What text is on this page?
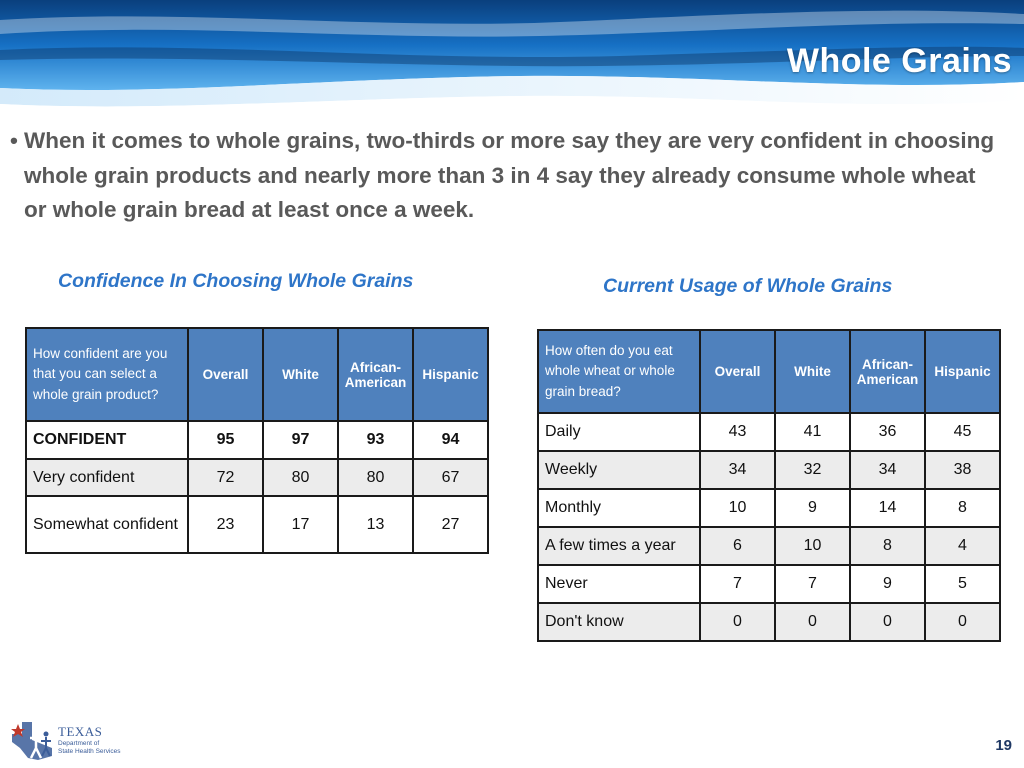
Whole Grains
• When it comes to whole grains, two-thirds or more say they are very confident in choosing whole grain products and nearly more than 3 in 4 say they already consume whole wheat or whole grain bread at least once a week.
Confidence In Choosing Whole Grains
How confident are you that you can select a whole grain product?	Overall	White	African-American	Hispanic
CONFIDENT	95	97	93	94
Very confident	72	80	80	67
Somewhat confident	23	17	13	27
Current Usage of Whole Grains
How often do you eat whole wheat or whole grain bread?	Overall	White	African-American	Hispanic
Daily	43	41	36	45
Weekly	34	32	34	38
Monthly	10	9	14	8
A few times a year	6	10	8	4
Never	7	7	9	5
Don't know	0	0	0	0
TEXAS
Department of
State Health Services	19
